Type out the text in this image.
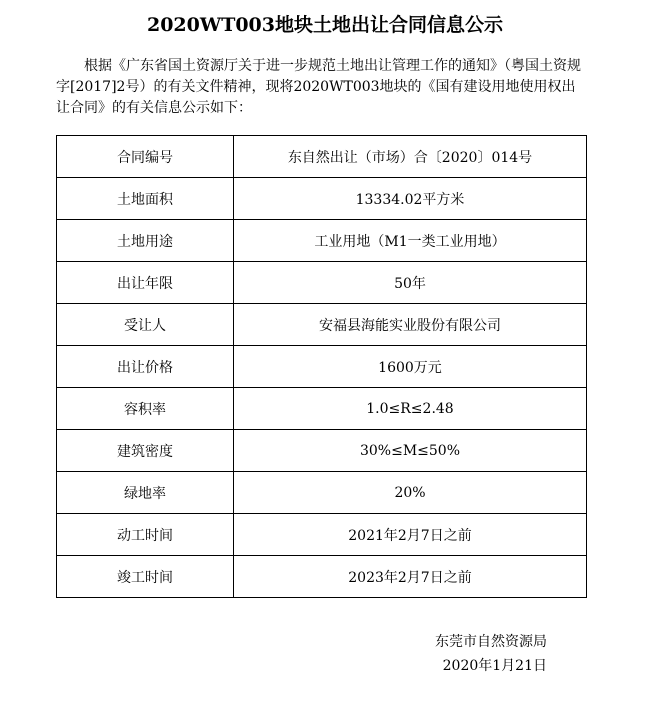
2020WT003地块土地出让合同信息公示
根据《广东省国土资源厅关于进一步规范土地出让管理工作的通知》（粤国土资规字[2017]2号）的有关文件精神，现将2020WT003地块的《国有建设用地使用权出让合同》的有关信息公示如下：
合同编号	东自然出让（市场）合〔2020〕014号
土地面积	13334.02平方米
土地用途	工业用地（M1一类工业用地）
出让年限	50年
受让人	安福县海能实业股份有限公司
出让价格	1600万元
容积率	1.0≤R≤2.48
建筑密度	30%≤M≤50%
绿地率	20%
动工时间	2021年2月7日之前
竣工时间	2023年2月7日之前
东莞市自然资源局
2020年1月21日
